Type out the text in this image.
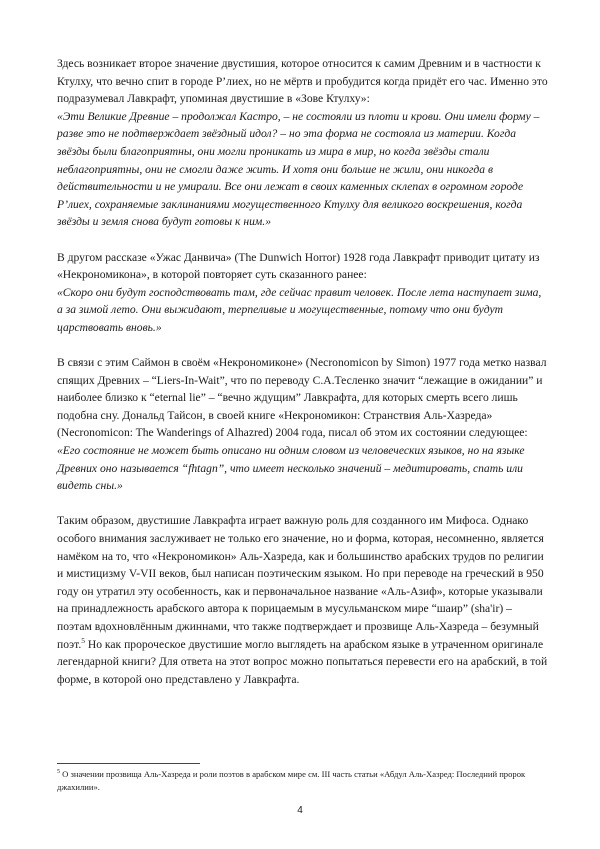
Здесь возникает второе значение двустишия, которое относится к самим Древним и в частности к Ктулху, что вечно спит в городе Р’лиех, но не мёртв и пробудится когда придёт его час. Именно это подразумевал Лавкрафт, упоминая двустишие в «Зове Ктулху»:

«Эти Великие Древние – продолжал Кастро, – не состояли из плоти и крови. Они имели форму – разве это не подтверждает звёздный идол? – но эта форма не состояла из материи. Когда звёзды были благоприятны, они могли проникать из мира в мир, но когда звёзды стали неблагоприятны, они не смогли даже жить. И хотя они больше не жили, они никогда в действительности и не умирали. Все они лежат в своих каменных склепах в огромном городе Р’лиех, сохраняемые заклинаниями могущественного Ктулху для великого воскрешения, когда звёзды и земля снова будут готовы к ним.»

В другом рассказе «Ужас Данвича» (The Dunwich Horror) 1928 года Лавкрафт приводит цитату из «Некрономикона», в которой повторяет суть сказанного ранее:

«Скоро они будут господствовать там, где сейчас правит человек. После лета наступает зима, а за зимой лето. Они выжидают, терпеливые и могущественные, потому что они будут царствовать вновь.»

В связи с этим Саймон в своём «Некрономиконе» (Necronomicon by Simon) 1977 года метко назвал спящих Древних – “Liers-In-Wait”, что по переводу С.А.Тесленко значит “лежащие в ожидании” и наиболее близко к “eternal lie” – “вечно ждущим” Лавкрафта, для которых смерть всего лишь подобна сну. Дональд Тайсон, в своей книге «Некрономикон: Странствия Аль-Хазреда» (Necronomicon: The Wanderings of Alhazred) 2004 года, писал об этом их состоянии следующее:

«Его состояние не может быть описано ни одним словом из человеческих языков, но на языке Древних оно называется “fhtagn”, что имеет несколько значений – медитировать, спать или видеть сны.»

Таким образом, двустишие Лавкрафта играет важную роль для созданного им Мифоса. Однако особого внимания заслуживает не только его значение, но и форма, которая, несомненно, является намёком на то, что «Некрономикон» Аль-Хазреда, как и большинство арабских трудов по религии и мистицизму V-VII веков, был написан поэтическим языком. Но при переводе на греческий в 950 году он утратил эту особенность, как и первоначальное название «Аль-Азиф», которые указывали на принадлежность арабского автора к порицаемым в мусульманском мире “шаир” (sha'ir) – поэтам вдохновлённым джиннами, что также подтверждает и прозвище Аль-Хазреда – безумный поэт.$^5$ Но как пророческое двустишие могло выглядеть на арабском языке в утраченном оригинале легендарной книги? Для ответа на этот вопрос можно попытаться перевести его на арабский, в той форме, в которой оно представлено у Лавкрафта.

$^5$ О значении прозвища Аль-Хазреда и роли поэтов в арабском мире см. III часть статьи «Абдул Аль-Хазред: Последний пророк джахилии».
4
